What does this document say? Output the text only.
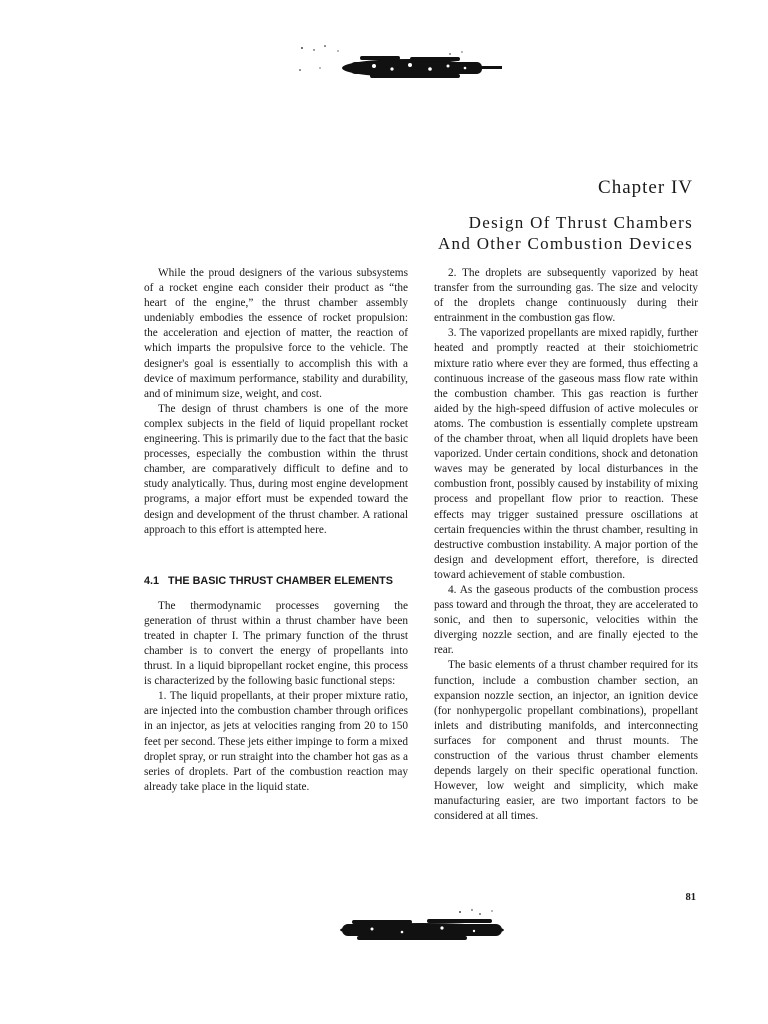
Chapter IV
Design Of Thrust Chambers
And Other Combustion Devices

While the proud designers of the various subsystems of a rocket engine each consider their product as “the heart of the engine,” the thrust chamber assembly undeniably embodies the essence of rocket propulsion: the acceleration and ejection of matter, the reaction of which imparts the propulsive force to the vehicle. The designer's goal is essentially to accomplish this with a device of maximum performance, stability and durability, and of minimum size, weight, and cost.

The design of thrust chambers is one of the more complex subjects in the field of liquid propellant rocket engineering. This is primarily due to the fact that the basic processes, especially the combustion within the thrust chamber, are comparatively difficult to define and to study analytically. Thus, during most engine development programs, a major effort must be expended toward the design and development of the thrust chamber. A rational approach to this effort is attempted here.

4.1 THE BASIC THRUST CHAMBER ELEMENTS

The thermodynamic processes governing the generation of thrust within a thrust chamber have been treated in chapter I. The primary function of the thrust chamber is to convert the energy of propellants into thrust. In a liquid bipropellant rocket engine, this process is characterized by the following basic functional steps:

1. The liquid propellants, at their proper mixture ratio, are injected into the combustion chamber through orifices in an injector, as jets at velocities ranging from 20 to 150 feet per second. These jets either impinge to form a mixed droplet spray, or run straight into the chamber hot gas as a series of droplets. Part of the combustion reaction may already take place in the liquid state.

2. The droplets are subsequently vaporized by heat transfer from the surrounding gas. The size and velocity of the droplets change continuously during their entrainment in the combustion gas flow.

3. The vaporized propellants are mixed rapidly, further heated and promptly reacted at their stoichiometric mixture ratio where ever they are formed, thus effecting a continuous increase of the gaseous mass flow rate within the combustion chamber. This gas reaction is further aided by the high-speed diffusion of active molecules or atoms. The combustion is essentially complete upstream of the chamber throat, when all liquid droplets have been vaporized. Under certain conditions, shock and detonation waves may be generated by local disturbances in the combustion front, possibly caused by instability of mixing process and propellant flow prior to reaction. These effects may trigger sustained pressure oscillations at certain frequencies within the thrust chamber, resulting in destructive combustion instability. A major portion of the design and development effort, therefore, is directed toward achievement of stable combustion.

4. As the gaseous products of the combustion process pass toward and through the throat, they are accelerated to sonic, and then to supersonic, velocities within the diverging nozzle section, and are finally ejected to the rear.

The basic elements of a thrust chamber required for its function, include a combustion chamber section, an expansion nozzle section, an injector, an ignition device (for nonhypergolic propellant combinations), propellant inlets and distributing manifolds, and interconnecting surfaces for component and thrust mounts. The construction of the various thrust chamber elements depends largely on their specific operational function. However, low weight and simplicity, which make manufacturing easier, are two important factors to be considered at all times.

81
